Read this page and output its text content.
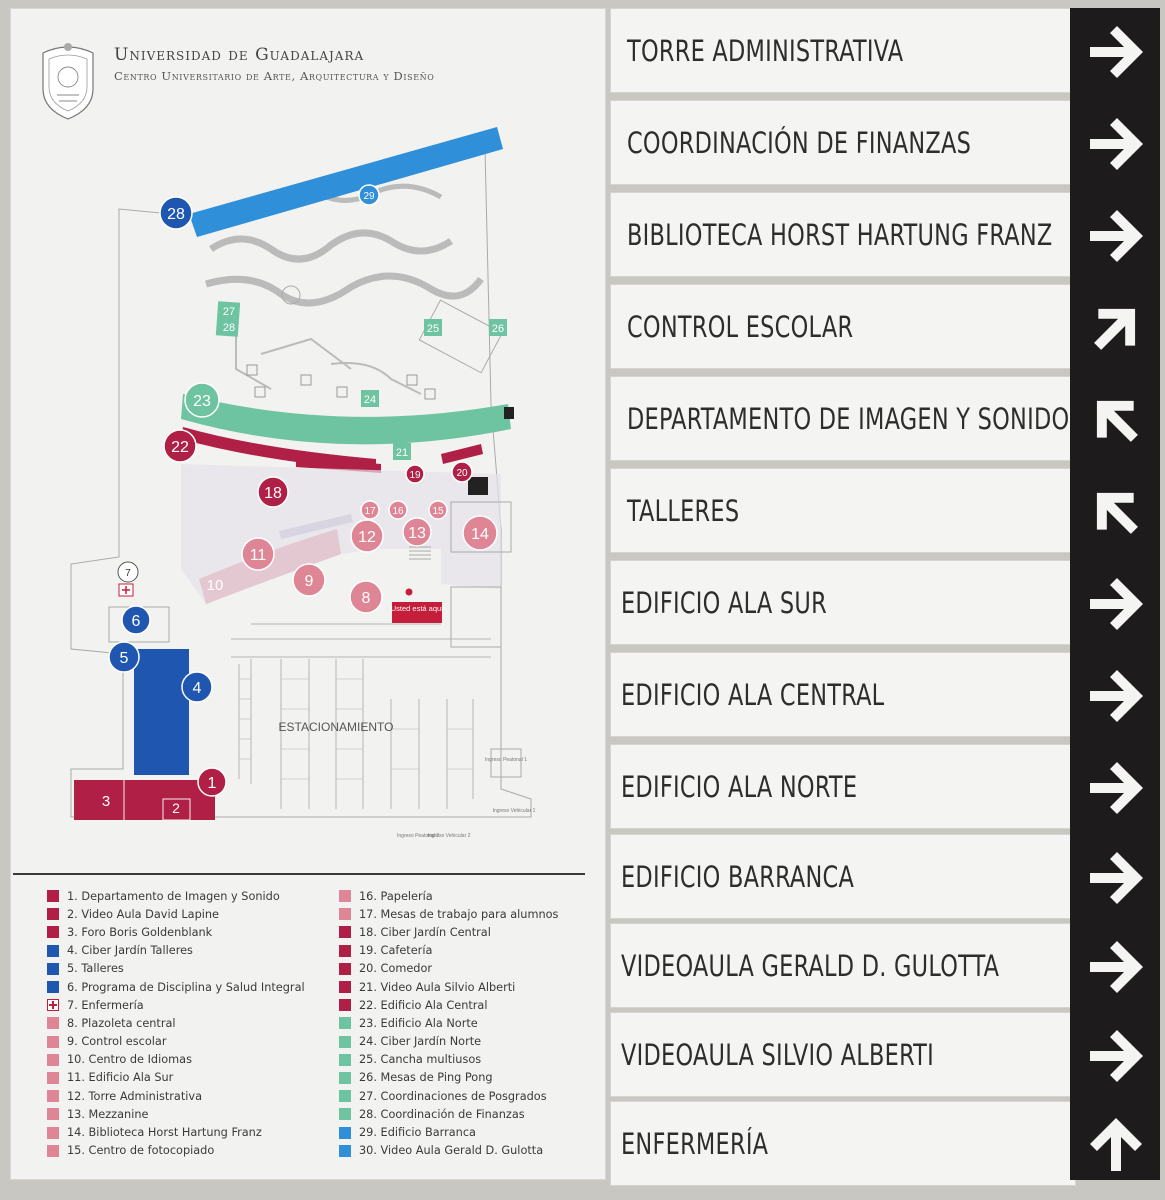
Universidad de Guadalajara
Centro Universitario de Arte, Arquitectura y Diseño
1
2
3
4
5
6
7
8
9
10
11
12 13	14
15
16
17
18
19	20
22
23
28
29
27
28	25	26
24
21
ESTACIONAMIENTO
Usted está aquí
Ingreso Peatonal 1
Ingreso Vehicular 1
Ingreso Peatonal 2
Ingreso Vehicular 2
1. Departamento de Imagen y Sonido
2. Video Aula David Lapine
3. Foro Boris Goldenblank
4. Ciber Jardín Talleres
5. Talleres
6. Programa de Disciplina y Salud Integral
7. Enfermería
8. Plazoleta central
9. Control escolar
10. Centro de Idiomas
11. Edificio Ala Sur
12. Torre Administrativa
13. Mezzanine
14. Biblioteca Horst Hartung Franz
15. Centro de fotocopiado
16. Papelería
17. Mesas de trabajo para alumnos
18. Ciber Jardín Central
19. Cafetería
20. Comedor
21. Video Aula Silvio Alberti
22. Edificio Ala Central
23. Edificio Ala Norte
24. Ciber Jardín Norte
25. Cancha multiusos
26. Mesas de Ping Pong
27. Coordinaciones de Posgrados
28. Coordinación de Finanzas
29. Edificio Barranca
30. Video Aula Gerald D. Gulotta
TORRE ADMINISTRATIVA
COORDINACIÓN DE FINANZAS
BIBLIOTECA HORST HARTUNG FRANZ
CONTROL ESCOLAR
DEPARTAMENTO DE IMAGEN Y SONIDO
TALLERES
EDIFICIO ALA SUR
EDIFICIO ALA CENTRAL
EDIFICIO ALA NORTE
EDIFICIO BARRANCA
VIDEOAULA GERALD D. GULOTTA
VIDEOAULA SILVIO ALBERTI
ENFERMERÍA
